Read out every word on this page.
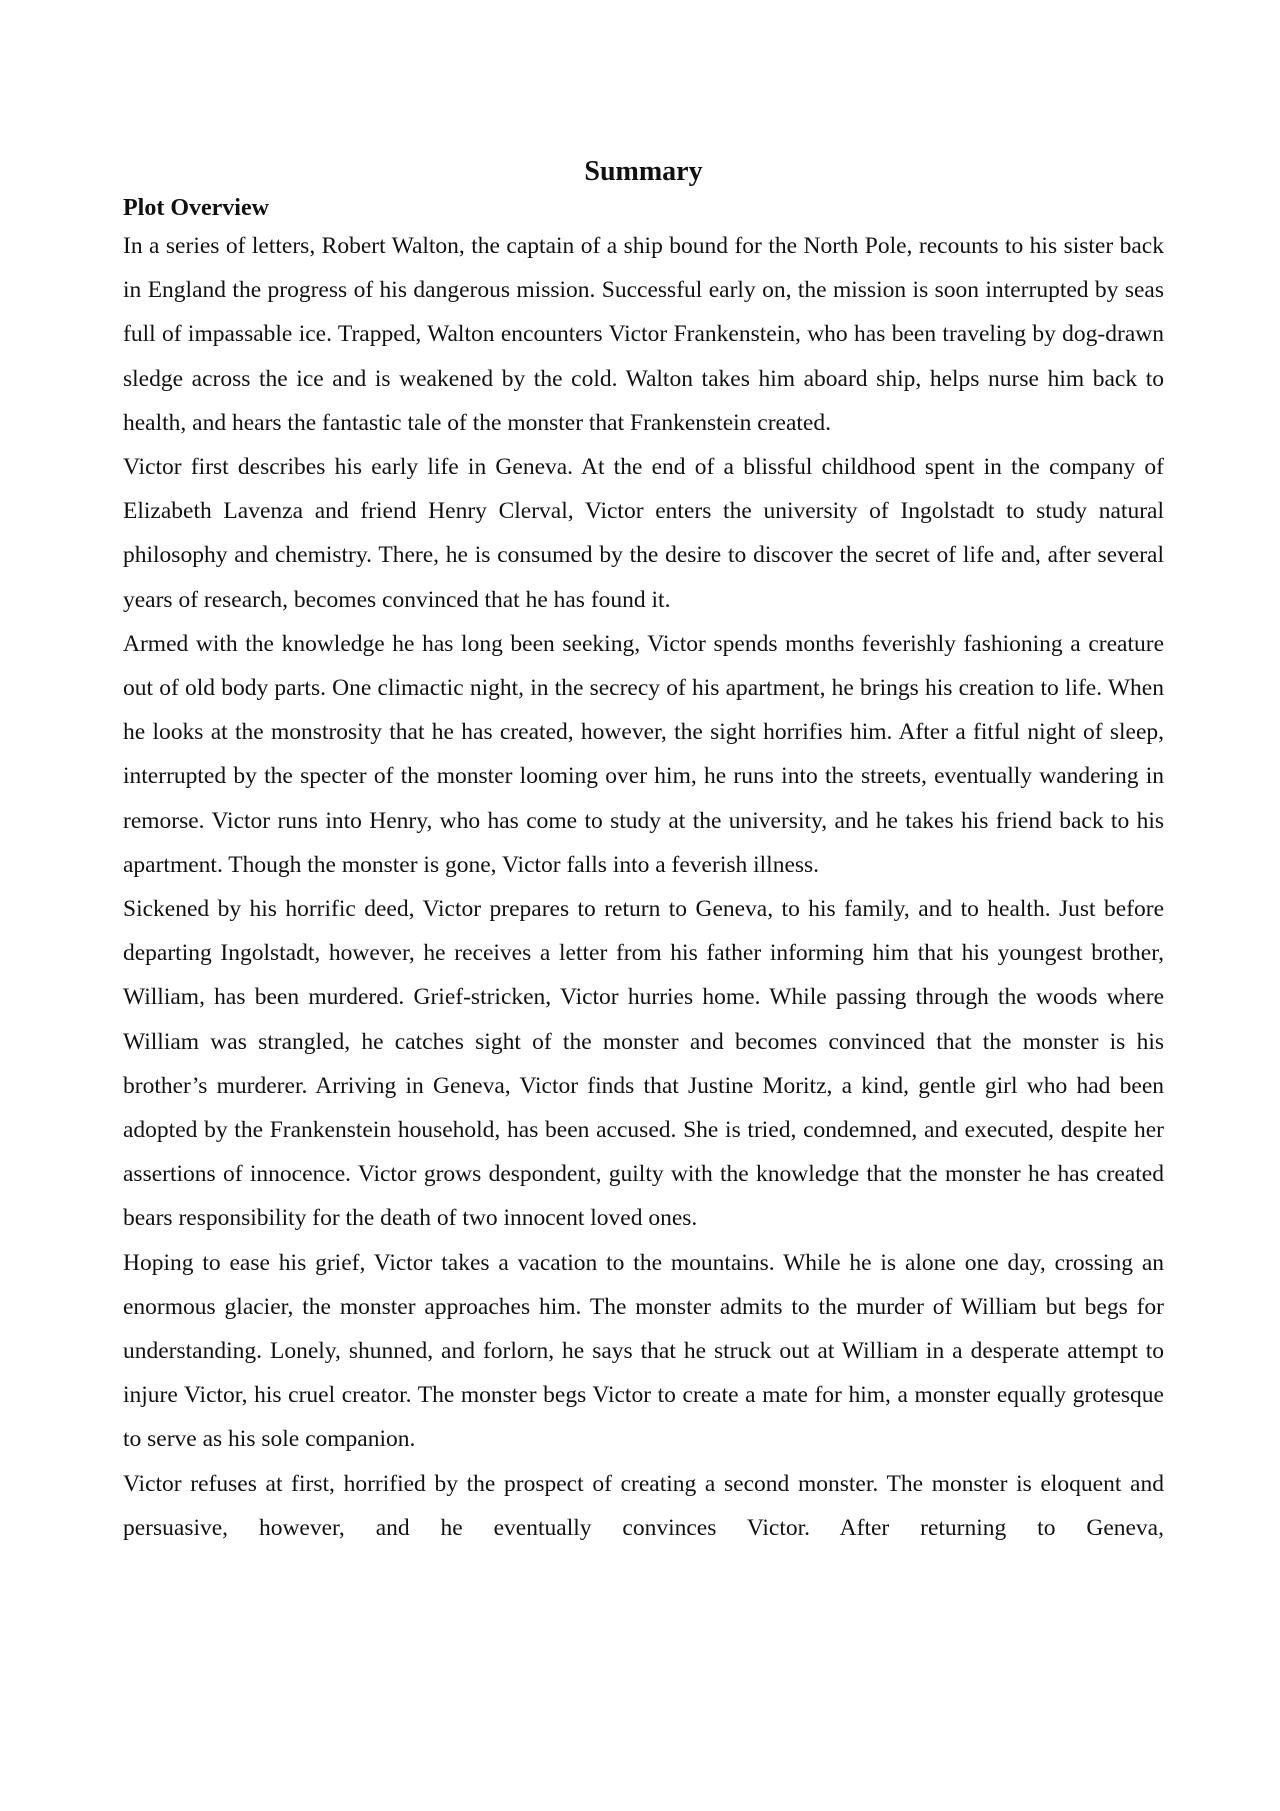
Summary
Plot Overview

In a series of letters, Robert Walton, the captain of a ship bound for the North Pole, recounts to his sister back in England the progress of his dangerous mission. Successful early on, the mission is soon interrupted by seas full of impassable ice. Trapped, Walton encounters Victor Frankenstein, who has been traveling by dog-drawn sledge across the ice and is weakened by the cold. Walton takes him aboard ship, helps nurse him back to health, and hears the fantastic tale of the monster that Frankenstein created.

Victor first describes his early life in Geneva. At the end of a blissful childhood spent in the company of Elizabeth Lavenza and friend Henry Clerval, Victor enters the university of Ingolstadt to study natural philosophy and chemistry. There, he is consumed by the desire to discover the secret of life and, after several years of research, becomes convinced that he has found it.

Armed with the knowledge he has long been seeking, Victor spends months feverishly fashioning a creature out of old body parts. One climactic night, in the secrecy of his apartment, he brings his creation to life. When he looks at the monstrosity that he has created, however, the sight horrifies him. After a fitful night of sleep, interrupted by the specter of the monster looming over him, he runs into the streets, eventually wandering in remorse. Victor runs into Henry, who has come to study at the university, and he takes his friend back to his apartment. Though the monster is gone, Victor falls into a feverish illness.

Sickened by his horrific deed, Victor prepares to return to Geneva, to his family, and to health. Just before departing Ingolstadt, however, he receives a letter from his father informing him that his youngest brother, William, has been murdered. Grief-stricken, Victor hurries home. While passing through the woods where William was strangled, he catches sight of the monster and becomes convinced that the monster is his brother’s murderer. Arriving in Geneva, Victor finds that Justine Moritz, a kind, gentle girl who had been adopted by the Frankenstein household, has been accused. She is tried, condemned, and executed, despite her assertions of innocence. Victor grows despondent, guilty with the knowledge that the monster he has created bears responsibility for the death of two innocent loved ones.

Hoping to ease his grief, Victor takes a vacation to the mountains. While he is alone one day, crossing an enormous glacier, the monster approaches him. The monster admits to the murder of William but begs for understanding. Lonely, shunned, and forlorn, he says that he struck out at William in a desperate attempt to injure Victor, his cruel creator. The monster begs Victor to create a mate for him, a monster equally grotesque to serve as his sole companion.

Victor refuses at first, horrified by the prospect of creating a second monster. The monster is eloquent and persuasive, however, and he eventually convinces Victor. After returning to Geneva,
